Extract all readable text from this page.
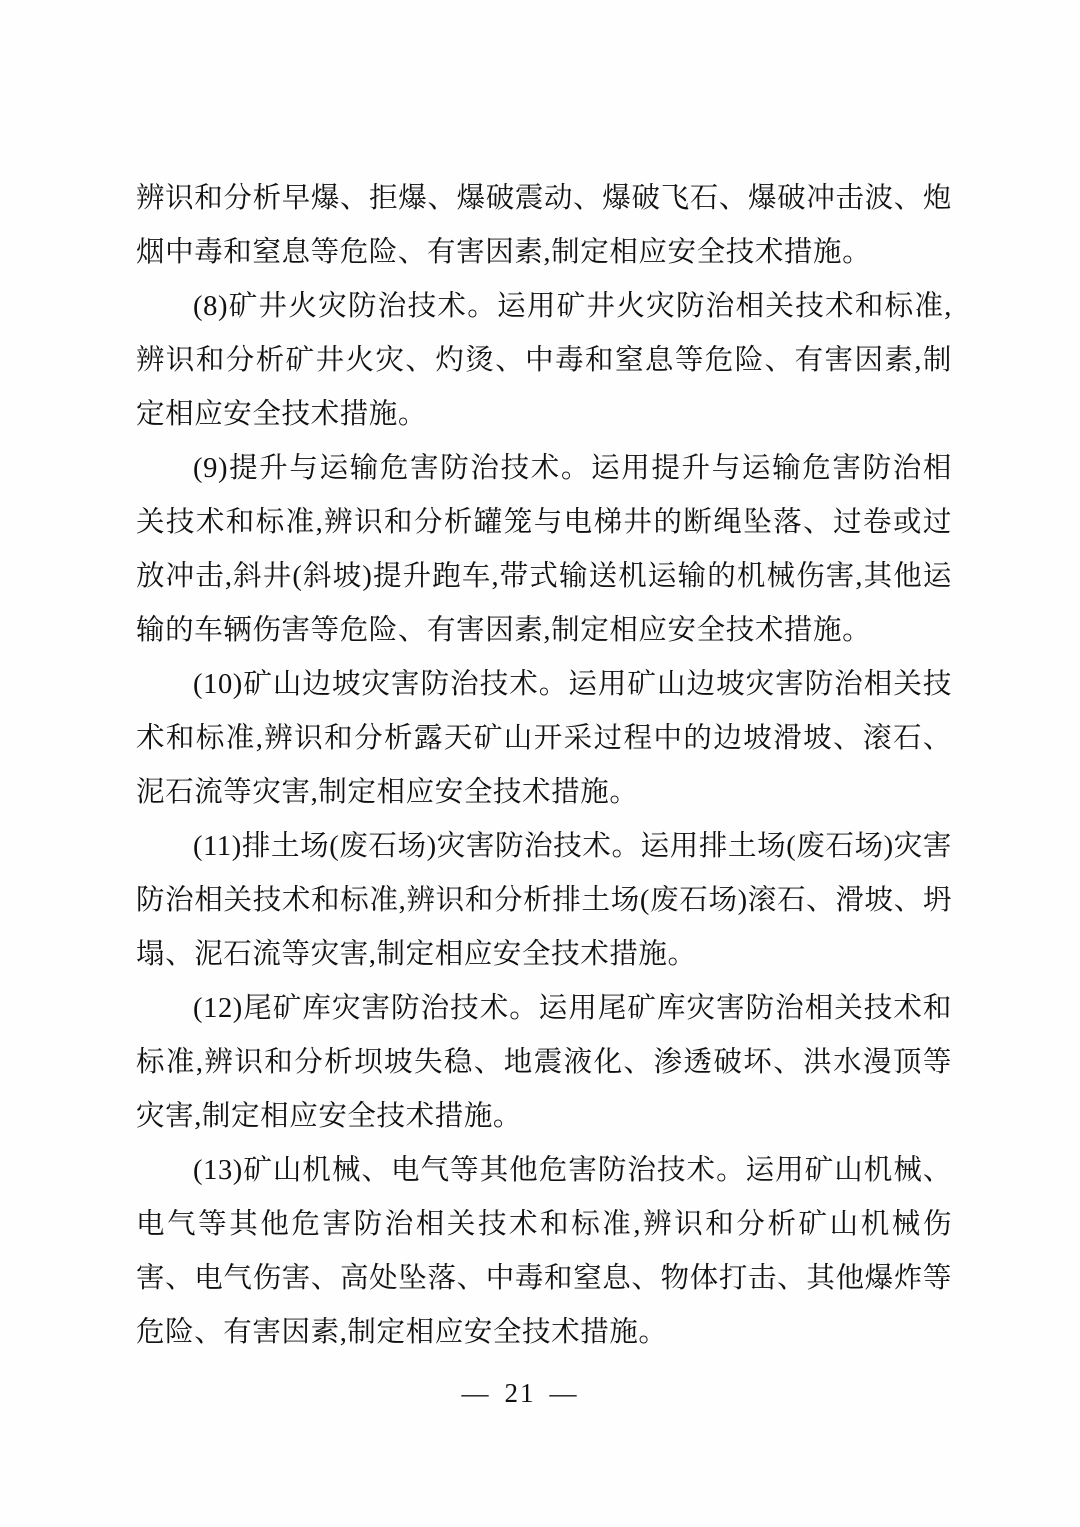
辨识和分析早爆、拒爆、爆破震动、爆破飞石、爆破冲击波、炮烟中毒和窒息等危险、有害因素,制定相应安全技术措施。

(8)矿井火灾防治技术。运用矿井火灾防治相关技术和标准,辨识和分析矿井火灾、灼烫、中毒和窒息等危险、有害因素,制定相应安全技术措施。

(9)提升与运输危害防治技术。运用提升与运输危害防治相关技术和标准,辨识和分析罐笼与电梯井的断绳坠落、过卷或过放冲击,斜井(斜坡)提升跑车,带式输送机运输的机械伤害,其他运输的车辆伤害等危险、有害因素,制定相应安全技术措施。

(10)矿山边坡灾害防治技术。运用矿山边坡灾害防治相关技术和标准,辨识和分析露天矿山开采过程中的边坡滑坡、滚石、泥石流等灾害,制定相应安全技术措施。

(11)排土场(废石场)灾害防治技术。运用排土场(废石场)灾害防治相关技术和标准,辨识和分析排土场(废石场)滚石、滑坡、坍塌、泥石流等灾害,制定相应安全技术措施。

(12)尾矿库灾害防治技术。运用尾矿库灾害防治相关技术和标准,辨识和分析坝坡失稳、地震液化、渗透破坏、洪水漫顶等灾害,制定相应安全技术措施。

(13)矿山机械、电气等其他危害防治技术。运用矿山机械、电气等其他危害防治相关技术和标准,辨识和分析矿山机械伤害、电气伤害、高处坠落、中毒和窒息、物体打击、其他爆炸等危险、有害因素,制定相应安全技术措施。

— 21 —
